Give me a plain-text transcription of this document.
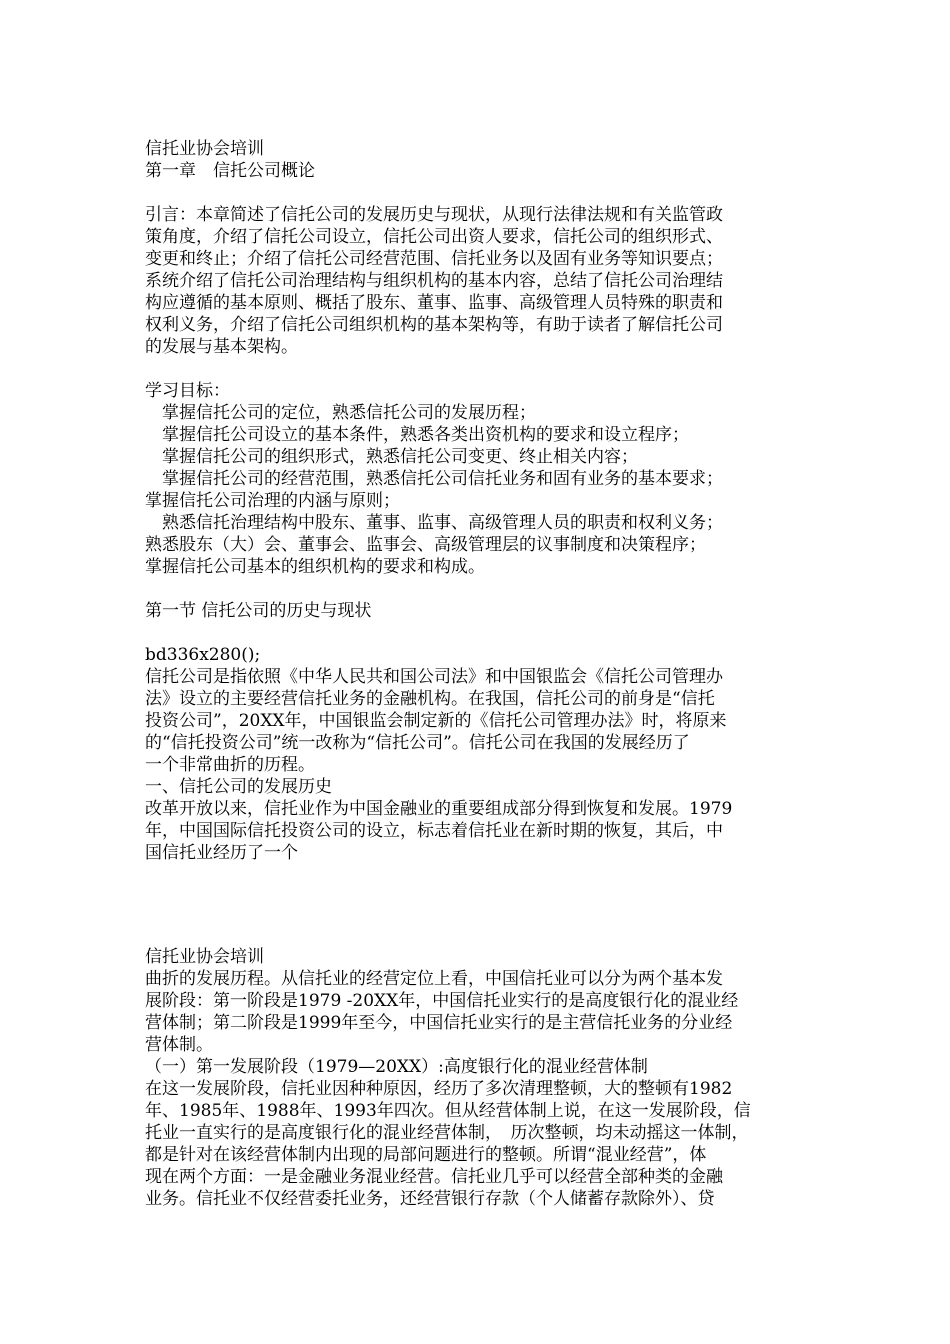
信托业协会培训
第一章　信托公司概论
引言：本章简述了信托公司的发展历史与现状，从现行法律法规和有关监管政
策角度，介绍了信托公司设立，信托公司出资人要求，信托公司的组织形式、
变更和终止；介绍了信托公司经营范围、信托业务以及固有业务等知识要点；
系统介绍了信托公司治理结构与组织机构的基本内容，总结了信托公司治理结
构应遵循的基本原则、概括了股东、董事、监事、高级管理人员特殊的职责和
权利义务，介绍了信托公司组织机构的基本架构等，有助于读者了解信托公司
的发展与基本架构。
学习目标：
　掌握信托公司的定位，熟悉信托公司的发展历程；
　掌握信托公司设立的基本条件，熟悉各类出资机构的要求和设立程序；
　掌握信托公司的组织形式，熟悉信托公司变更、终止相关内容；
　掌握信托公司的经营范围，熟悉信托公司信托业务和固有业务的基本要求；
掌握信托公司治理的内涵与原则；
　熟悉信托治理结构中股东、董事、监事、高级管理人员的职责和权利义务；
熟悉股东（大）会、董事会、监事会、高级管理层的议事制度和决策程序；
掌握信托公司基本的组织机构的要求和构成。
第一节 信托公司的历史与现状
bd336x280();
信托公司是指依照《中华人民共和国公司法》和中国银监会《信托公司管理办
法》设立的主要经营信托业务的金融机构。在我国，信托公司的前身是“信托
投资公司”，20XX年，中国银监会制定新的《信托公司管理办法》时，将原来
的“信托投资公司”统一改称为“信托公司”。信托公司在我国的发展经历了
一个非常曲折的历程。
一、信托公司的发展历史
改革开放以来，信托业作为中国金融业的重要组成部分得到恢复和发展。1979
年，中国国际信托投资公司的设立，标志着信托业在新时期的恢复，其后，中
国信托业经历了一个
信托业协会培训
曲折的发展历程。从信托业的经营定位上看，中国信托业可以分为两个基本发
展阶段：第一阶段是1979 -20XX年，中国信托业实行的是高度银行化的混业经
营体制；第二阶段是1999年至今，中国信托业实行的是主营信托业务的分业经
营体制。
（一）第一发展阶段（1979—20XX）:高度银行化的混业经营体制
在这一发展阶段，信托业因种种原因，经历了多次清理整顿，大的整顿有1982
年、1985年、1988年、1993年四次。但从经营体制上说，在这一发展阶段，信
托业一直实行的是高度银行化的混业经营体制，　历次整顿，均未动摇这一体制，
都是针对在该经营体制内出现的局部问题进行的整顿。所谓“混业经营”，体
现在两个方面：一是金融业务混业经营。信托业几乎可以经营全部种类的金融
业务。信托业不仅经营委托业务，还经营银行存款（个人储蓄存款除外）、贷
